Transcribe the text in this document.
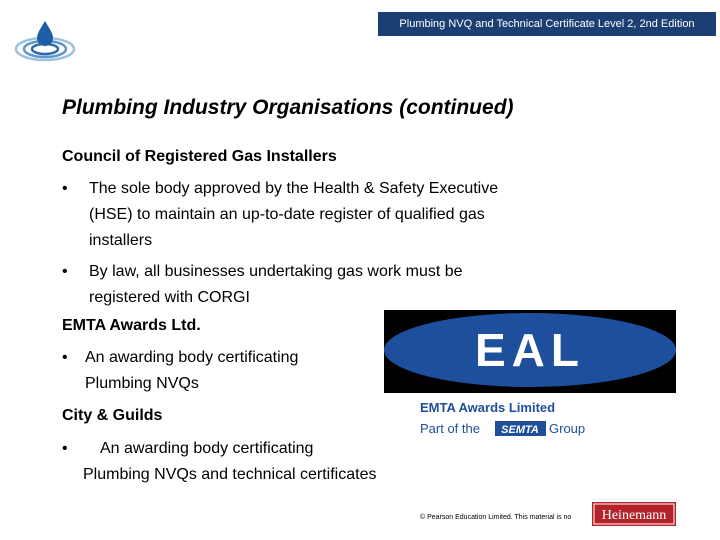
Plumbing NVQ and Technical Certificate Level 2, 2nd Edition
Plumbing Industry Organisations (continued)
Council of Registered Gas Installers
• The sole body approved by the Health & Safety Executive
(HSE) to maintain an up-to-date register of qualified gas
installers
• By law, all businesses undertaking gas work must be
registered with CORGI
EMTA Awards Ltd.
• An awarding body certificating
Plumbing NVQs
City & Guilds
• An awarding body certificating
Plumbing NVQs and technical certificates
EAL
EMTA Awards Limited
Part of the SEMTA Group
© Pearson Education Limited. This material is no Heinemann
